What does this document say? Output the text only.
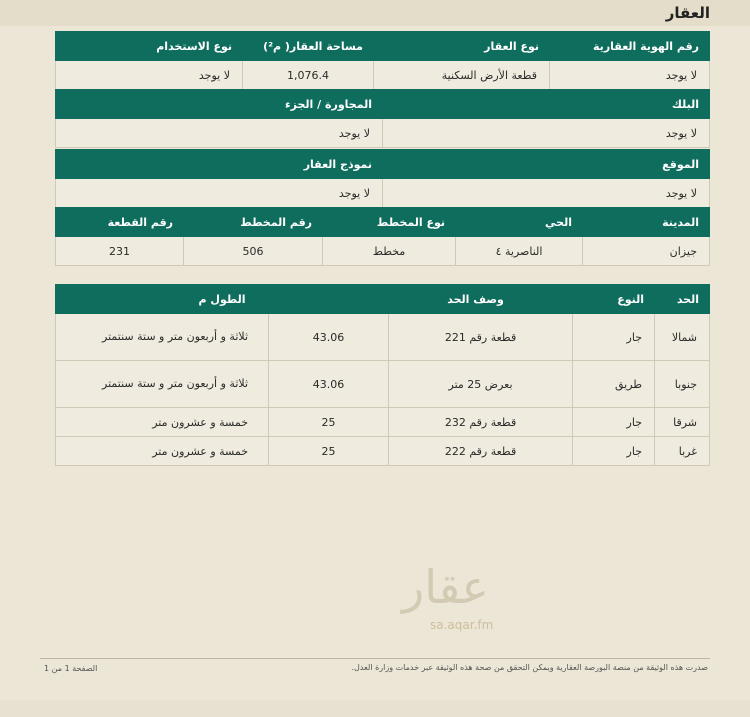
العقار
رقم الهوية العقارية	نوع العقار	مساحة العقار( م²)	نوع الاستخدام
لا يوجد	قطعة الأرض السكنية	1,076.4	لا يوجد
البلك	المجاورة / الجزء
لا يوجد	لا يوجد
الموقع	نموذج العقار
لا يوجد	لا يوجد
المدينة	الحي	نوع المخطط	رقم المخطط	رقم القطعة
جيزان	الناصرية ٤	مخطط	506	231
الحد	النوع	وصف الحد	الطول م	
شمالا	جار	قطعة رقم 221	43.06	ثلاثة و أربعون متر و ستة سنتمتر
جنوبا	طريق	بعرض 25 متر	43.06	ثلاثة و أربعون متر و ستة سنتمتر
شرقا	جار	قطعة رقم 232	25	خمسة و عشرون متر
غربا	جار	قطعة رقم 222	25	خمسة و عشرون متر
عقار
sa.aqar.fm
صدرت هذه الوثيقة من منصة البورصة العقارية ويمكن التحقق من صحة هذه الوثيقة عبر خدمات وزارة العدل.
الصفحة 1 من 1
